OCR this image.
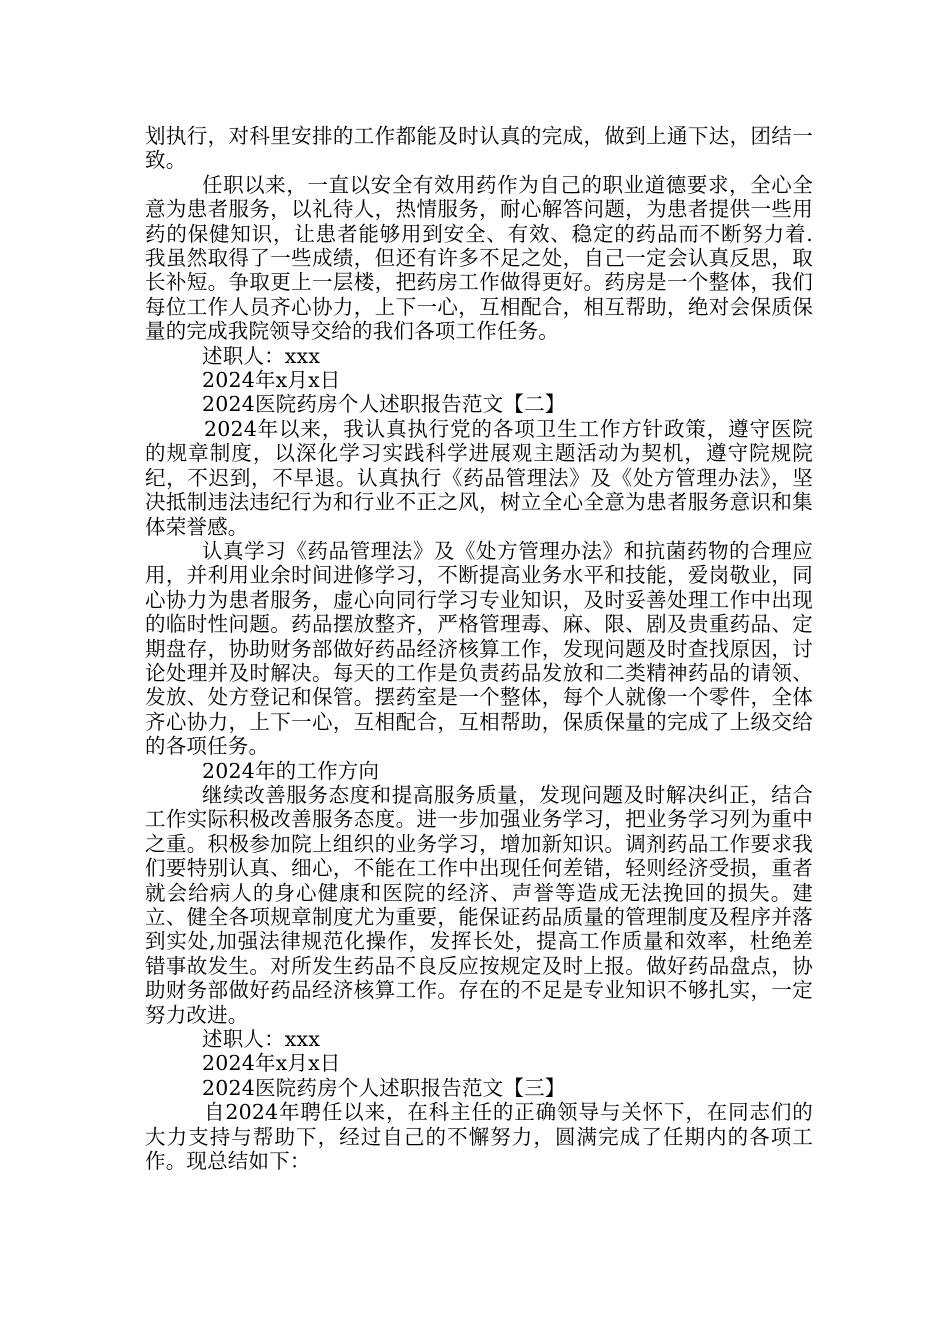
划执行，对科里安排的工作都能及时认真的完成，做到上通下达，团结一致。

任职以来，一直以安全有效用药作为自己的职业道德要求，全心全意为患者服务，以礼待人，热情服务，耐心解答问题，为患者提供一些用药的保健知识，让患者能够用到安全、有效、稳定的药品而不断努力着.我虽然取得了一些成绩，但还有许多不足之处，自己一定会认真反思，取长补短。争取更上一层楼，把药房工作做得更好。药房是一个整体，我们每位工作人员齐心协力，上下一心，互相配合，相互帮助，绝对会保质保量的完成我院领导交给的我们各项工作任务。

述职人：xxx

2024年x月x日

2024医院药房个人述职报告范文【二】

2024年以来，我认真执行党的各项卫生工作方针政策，遵守医院的规章制度，以深化学习实践科学进展观主题活动为契机，遵守院规院纪，不迟到，不早退。认真执行《药品管理法》及《处方管理办法》，坚决抵制违法违纪行为和行业不正之风，树立全心全意为患者服务意识和集体荣誉感。

认真学习《药品管理法》及《处方管理办法》和抗菌药物的合理应用，并利用业余时间进修学习，不断提高业务水平和技能，爱岗敬业，同心协力为患者服务，虚心向同行学习专业知识，及时妥善处理工作中出现的临时性问题。药品摆放整齐，严格管理毒、麻、限、剧及贵重药品、定期盘存，协助财务部做好药品经济核算工作，发现问题及时查找原因，讨论处理并及时解决。每天的工作是负责药品发放和二类精神药品的请领、发放、处方登记和保管。摆药室是一个整体，每个人就像一个零件，全体齐心协力，上下一心，互相配合，互相帮助，保质保量的完成了上级交给的各项任务。

2024年的工作方向

继续改善服务态度和提高服务质量，发现问题及时解决纠正，结合工作实际积极改善服务态度。进一步加强业务学习，把业务学习列为重中之重。积极参加院上组织的业务学习，增加新知识。调剂药品工作要求我们要特别认真、细心，不能在工作中出现任何差错，轻则经济受损，重者就会给病人的身心健康和医院的经济、声誉等造成无法挽回的损失。建立、健全各项规章制度尤为重要，能保证药品质量的管理制度及程序并落到实处,加强法律规范化操作，发挥长处，提高工作质量和效率，杜绝差错事故发生。对所发生药品不良反应按规定及时上报。做好药品盘点，协助财务部做好药品经济核算工作。存在的不足是专业知识不够扎实，一定努力改进。

述职人：xxx

2024年x月x日

2024医院药房个人述职报告范文【三】

自2024年聘任以来，在科主任的正确领导与关怀下，在同志们的大力支持与帮助下，经过自己的不懈努力，圆满完成了任期内的各项工作。现总结如下：
